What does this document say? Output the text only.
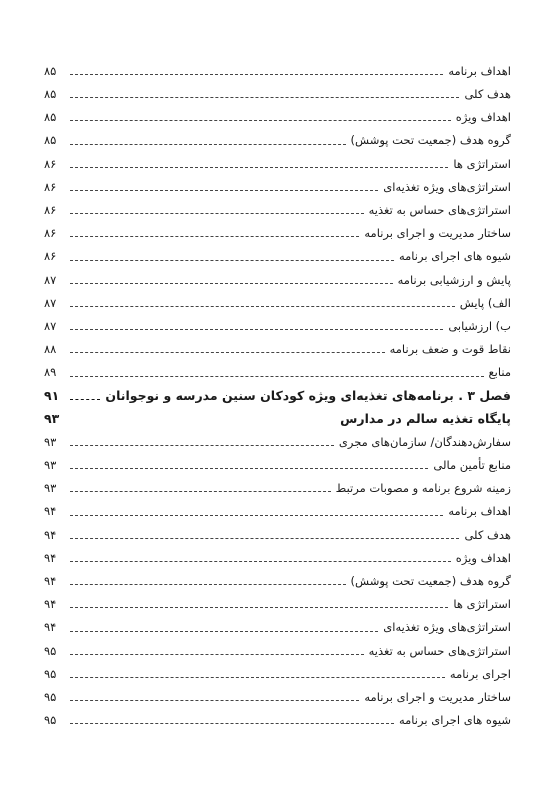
اهداف برنامه
۸۵
هدف کلی
۸۵
اهداف ویژه
۸۵
گروه هدف (جمعیت تحت پوشش)
۸۵
استراتژی ها
۸۶
استراتژی‌های ویژه تغذیه‌ای
۸۶
استراتژی‌های حساس به تغذیه
۸۶
ساختار مدیریت و اجرای برنامه
۸۶
شیوه های اجرای برنامه
۸۶
پایش و ارزشیابی برنامه
۸۷
الف) پایش
۸۷
ب) ارزشیابی
۸۷
نقاط قوت و ضعف برنامه
۸۸
منابع
۸۹
فصل ۳ . برنامه‌های تغذیه‌ای ویژه کودکان سنین مدرسه و نوجوانان
۹۱
پایگاه تغذیه سالم در مدارس
۹۳
سفارش‌دهندگان/ سازمان‌های مجری
۹۳
منابع تأمین مالی
۹۳
زمینه شروع برنامه و مصوبات مرتبط
۹۳
اهداف برنامه
۹۴
هدف کلی
۹۴
اهداف ویژه
۹۴
گروه هدف (جمعیت تحت پوشش)
۹۴
استراتژی ها
۹۴
استراتژی‌های ویژه تغذیه‌ای
۹۴
استراتژی‌های حساس به تغذیه
۹۵
اجرای برنامه
۹۵
ساختار مدیریت و اجرای برنامه
۹۵
شیوه های اجرای برنامه
۹۵
